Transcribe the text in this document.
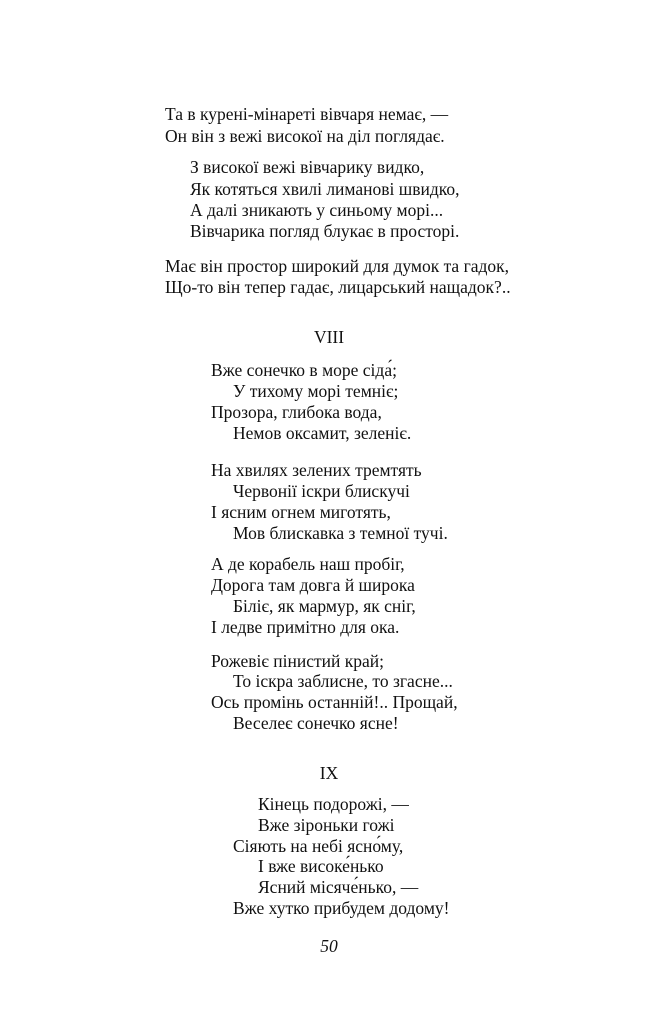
Та в курені-мінареті вівчаря немає, —
Он він з вежі високої на діл поглядає.
З високої вежі вівчарику видко,
Як котяться хвилі лиманові швидко,
А далі зникають у синьому морі...
Вівчарика погляд блукає в просторі.
Має він простор широкий для думок та гадок,
Що-то він тепер гадає, лицарський нащадок?..
VIII
Вже сонечко в море сіда́;
У тихому морі темніє;
Прозора, глибока вода,
Немов оксамит, зеленіє.
На хвилях зелених тремтять
Червонії іскри блискучі
І ясним огнем миготять,
Мов блискавка з темної тучі.
А де корабель наш пробіг,
Дорога там довга й широка
Біліє, як мармур, як сніг,
І ледве примітно для ока.
Рожевіє пінистий край;
То іскра заблисне, то згасне...
Ось промінь останній!.. Прощай,
Веселеє сонечко ясне!
IX
Кінець подорожі, —
Вже зіроньки гожі
Сіяють на небі ясно́му,
І вже високе́нько
Ясний місяче́нько, —
Вже хутко прибудем додому!
50
